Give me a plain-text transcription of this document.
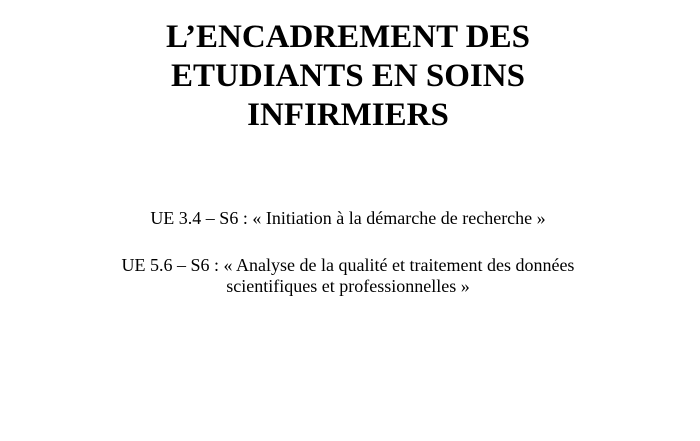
L’ENCADREMENT DES
ETUDIANTS EN SOINS
INFIRMIERS

UE 3.4 – S6 : « Initiation à la démarche de recherche »

UE 5.6 – S6 : « Analyse de la qualité et traitement des données
scientifiques et professionnelles »
